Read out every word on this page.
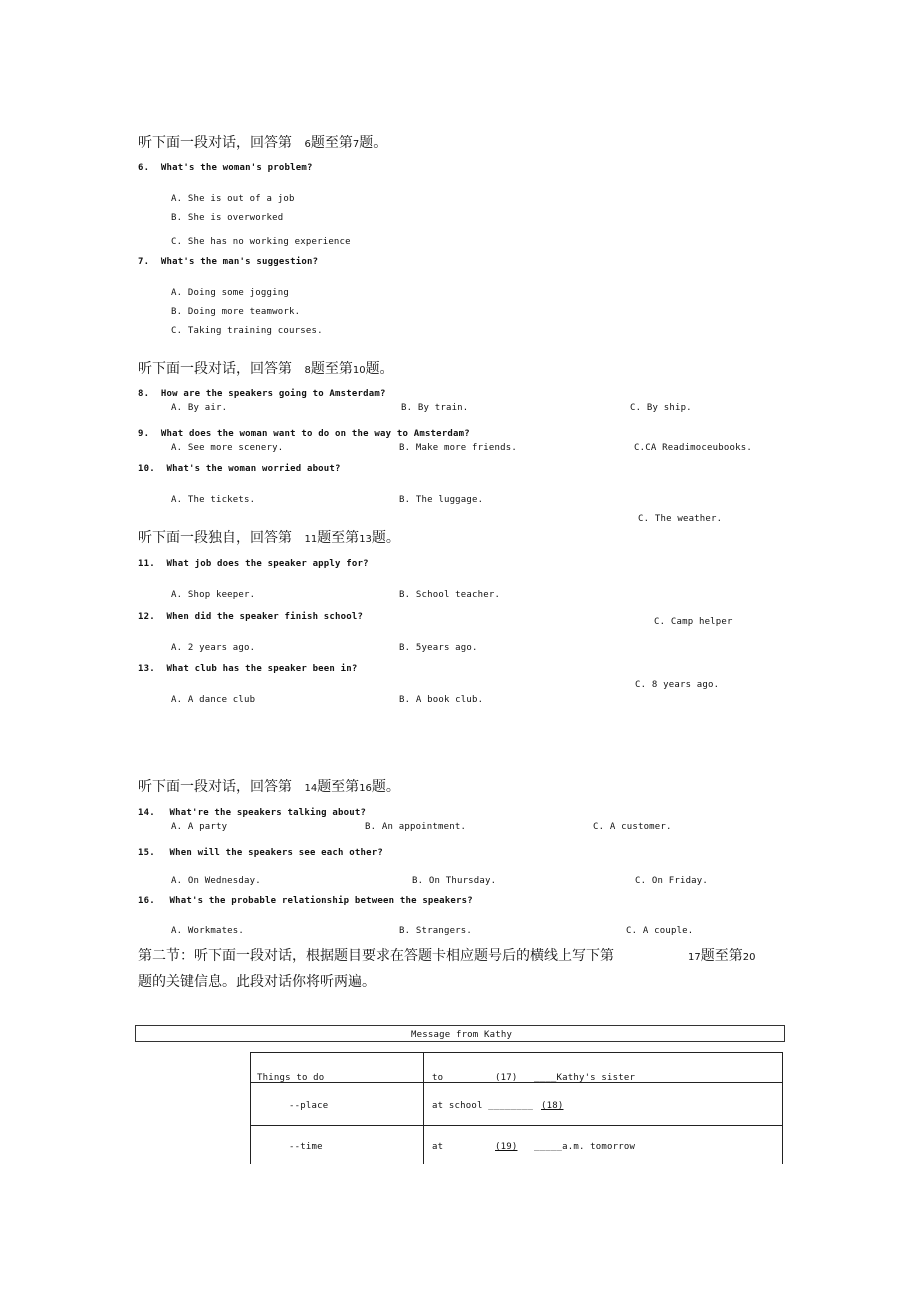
听下面一段对话，回答第 6题至第7题。
6. What's the woman's problem?
A. She is out of a job
B. She is overworked
C. She has no working experience
7. What's the man's suggestion?
A. Doing some jogging
B. Doing more teamwork.
C. Taking training courses.
听下面一段对话，回答第 8题至第10题。
8. How are the speakers going to Amsterdam?
A. By air.	B. By train.	C. By ship.
9. What does the woman want to do on the way to Amsterdam?
A. See more scenery.	B. Make more friends.	C.CA Readimoceubooks.
10. What's the woman worried about?
A. The tickets.	B. The luggage.
C. The weather.
听下面一段独自，回答第 11题至第13题。
11. What job does the speaker apply for?
A. Shop keeper.	B. School teacher.
C. Camp helper
12. When did the speaker finish school?
A. 2 years ago.	B. 5years ago.
C. 8 years ago.
13. What club has the speaker been in?
A. A dance club	B. A book club.
听下面一段对话，回答第 14题至第16题。
14. What're the speakers talking about?
A. A party	B. An appointment.	C. A customer.
15. When will the speakers see each other?
A. On Wednesday.	B. On Thursday.	C. On Friday.
16. What's the probable relationship between the speakers?
A. Workmates.	B. Strangers.	C. A couple.
第二节：听下面一段对话，根据题目要求在答题卡相应题号后的横线上写下第	17题至第20
题的关键信息。此段对话你将听两遍。
Message from Kathy
Things to do	to	(17) ____Kathy's sister
--place	at school ________ (18)
--time	at	(19) _____a.m. tomorrow
